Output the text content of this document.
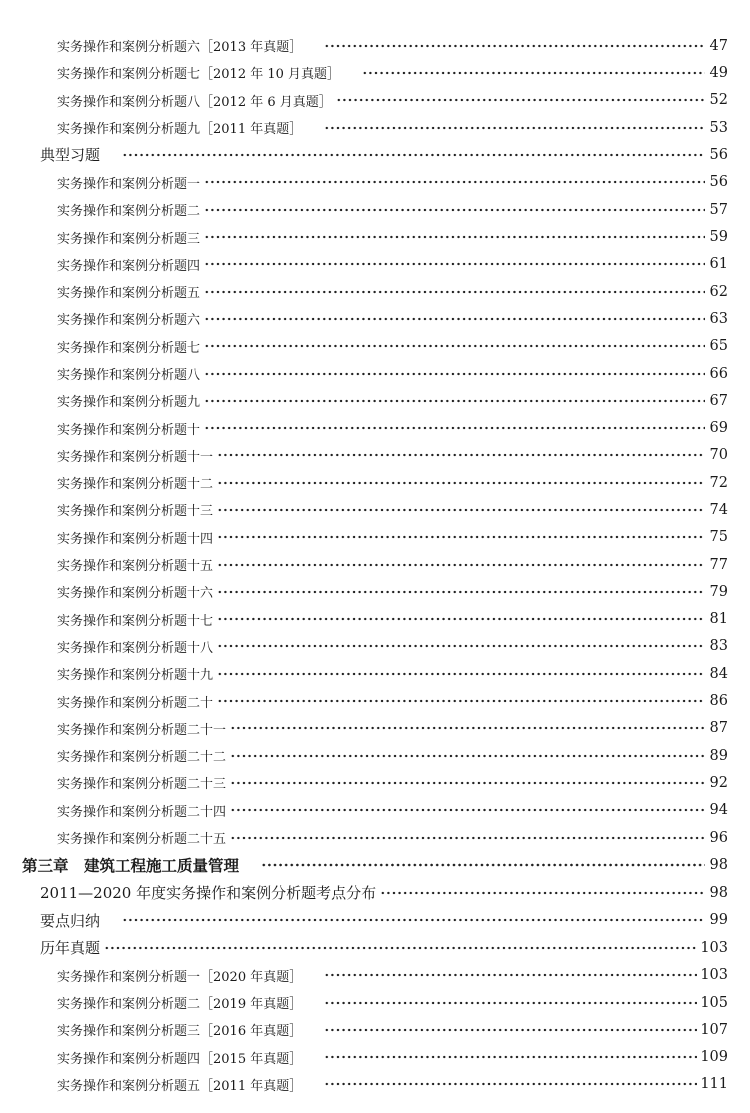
实务操作和案例分析题六［2013 年真题］	47
实务操作和案例分析题七［2012 年 10 月真题］	49
实务操作和案例分析题八［2012 年 6 月真题］	52
实务操作和案例分析题九［2011 年真题］	53
典型习题	56
实务操作和案例分析题一	56
实务操作和案例分析题二	57
实务操作和案例分析题三	59
实务操作和案例分析题四	61
实务操作和案例分析题五	62
实务操作和案例分析题六	63
实务操作和案例分析题七	65
实务操作和案例分析题八	66
实务操作和案例分析题九	67
实务操作和案例分析题十	69
实务操作和案例分析题十一	70
实务操作和案例分析题十二	72
实务操作和案例分析题十三	74
实务操作和案例分析题十四	75
实务操作和案例分析题十五	77
实务操作和案例分析题十六	79
实务操作和案例分析题十七	81
实务操作和案例分析题十八	83
实务操作和案例分析题十九	84
实务操作和案例分析题二十	86
实务操作和案例分析题二十一	87
实务操作和案例分析题二十二	89
实务操作和案例分析题二十三	92
实务操作和案例分析题二十四	94
实务操作和案例分析题二十五	96
第三章　建筑工程施工质量管理	98
2011—2020 年度实务操作和案例分析题考点分布	98
要点归纳	99
历年真题	103
实务操作和案例分析题一［2020 年真题］	103
实务操作和案例分析题二［2019 年真题］	105
实务操作和案例分析题三［2016 年真题］	107
实务操作和案例分析题四［2015 年真题］	109
实务操作和案例分析题五［2011 年真题］	111
